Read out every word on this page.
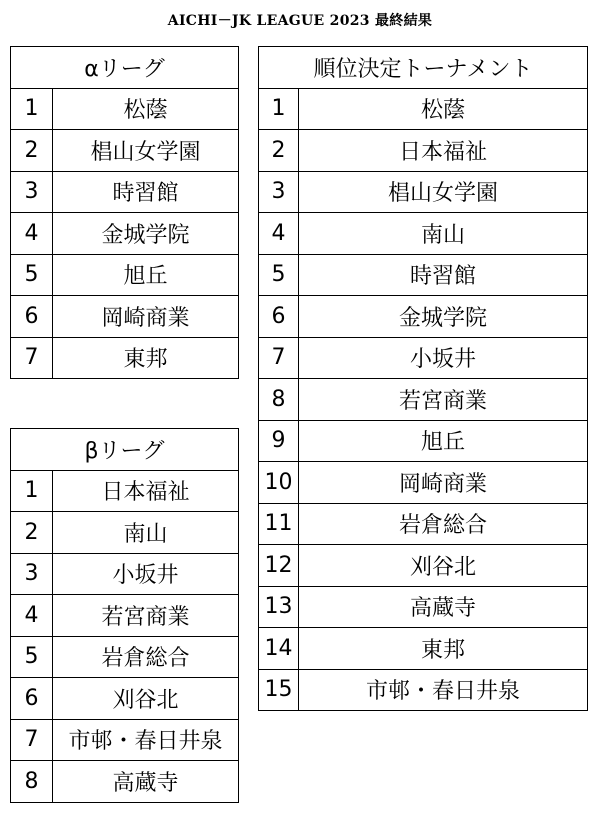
AICHI－JK LEAGUE 2023 最終結果
αリーグ	
1	松蔭
2	椙山女学園
3	時習館
4	金城学院
5	旭丘
6	岡崎商業
7	東邦
βリーグ	
1	日本福祉
2	南山
3	小坂井
4	若宮商業
5	岩倉総合
6	刈谷北
7	市邨・春日井泉
8	高蔵寺
順位決定トーナメント	
1	松蔭
2	日本福祉
3	椙山女学園
4	南山
5	時習館
6	金城学院
7	小坂井
8	若宮商業
9	旭丘
10	岡崎商業
11	岩倉総合
12	刈谷北
13	高蔵寺
14	東邦
15	市邨・春日井泉
